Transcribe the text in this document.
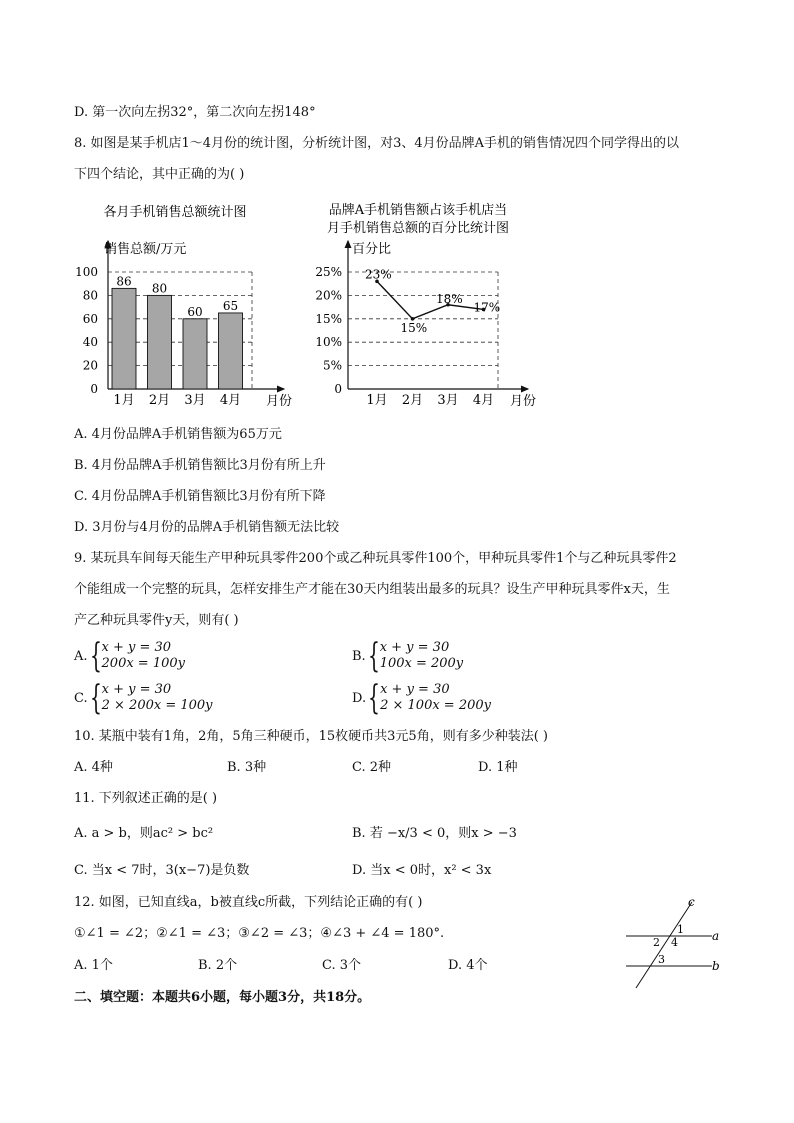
D. 第一次向左拐32°，第二次向左拐148°
8. 如图是某手机店1～4月份的统计图，分析统计图，对3、4月份品牌A手机的销售情况四个同学得出的以
下四个结论，其中正确的为( )
各月手机销售总额统计图
销售总额/万元
86
80
60 65
0
20
40
60
80
100
1月 2月 3月 4月 月份
品牌A手机销售额占该手机店当
月手机销售总额的百分比统计图
百分比
0
5%
10%
15%
20%
25%
1月 2月 3月 4月
23%
15%
18%
17%
月份
A. 4月份品牌A手机销售额为65万元
B. 4月份品牌A手机销售额比3月份有所上升
C. 4月份品牌A手机销售额比3月份有所下降
D. 3月份与4月份的品牌A手机销售额无法比较
9. 某玩具车间每天能生产甲种玩具零件200个或乙种玩具零件100个，甲种玩具零件1个与乙种玩具零件2
个能组成一个完整的玩具，怎样安排生产才能在30天内组装出最多的玩具？设生产甲种玩具零件x天，生
产乙种玩具零件y天，则有( )
A. { x + y = 30
200x = 100y	B. { x + y = 30
100x = 200y
C. { x + y = 30
2 × 200x = 100y	D. { x + y = 30
2 × 100x = 200y
10. 某瓶中装有1角，2角，5角三种硬币，15枚硬币共3元5角，则有多少种装法( )
A. 4种	B. 3种	C. 2种	D. 1种
11. 下列叙述正确的是( )
A. a > b，则ac² > bc²	B. 若 −x/3 < 0，则x > −3
C. 当x < 7时，3(x−7)是负数	D. 当x < 0时，x² < 3x
12. 如图，已知直线a，b被直线c所截，下列结论正确的有( )
①∠1 = ∠2；②∠1 = ∠3；③∠2 = ∠3；④∠3 + ∠4 = 180°.
A. 1个	B. 2个	C. 3个	D. 4个
c
a
b
1
2
3
4
二、填空题：本题共6小题，每小题3分，共18分。
